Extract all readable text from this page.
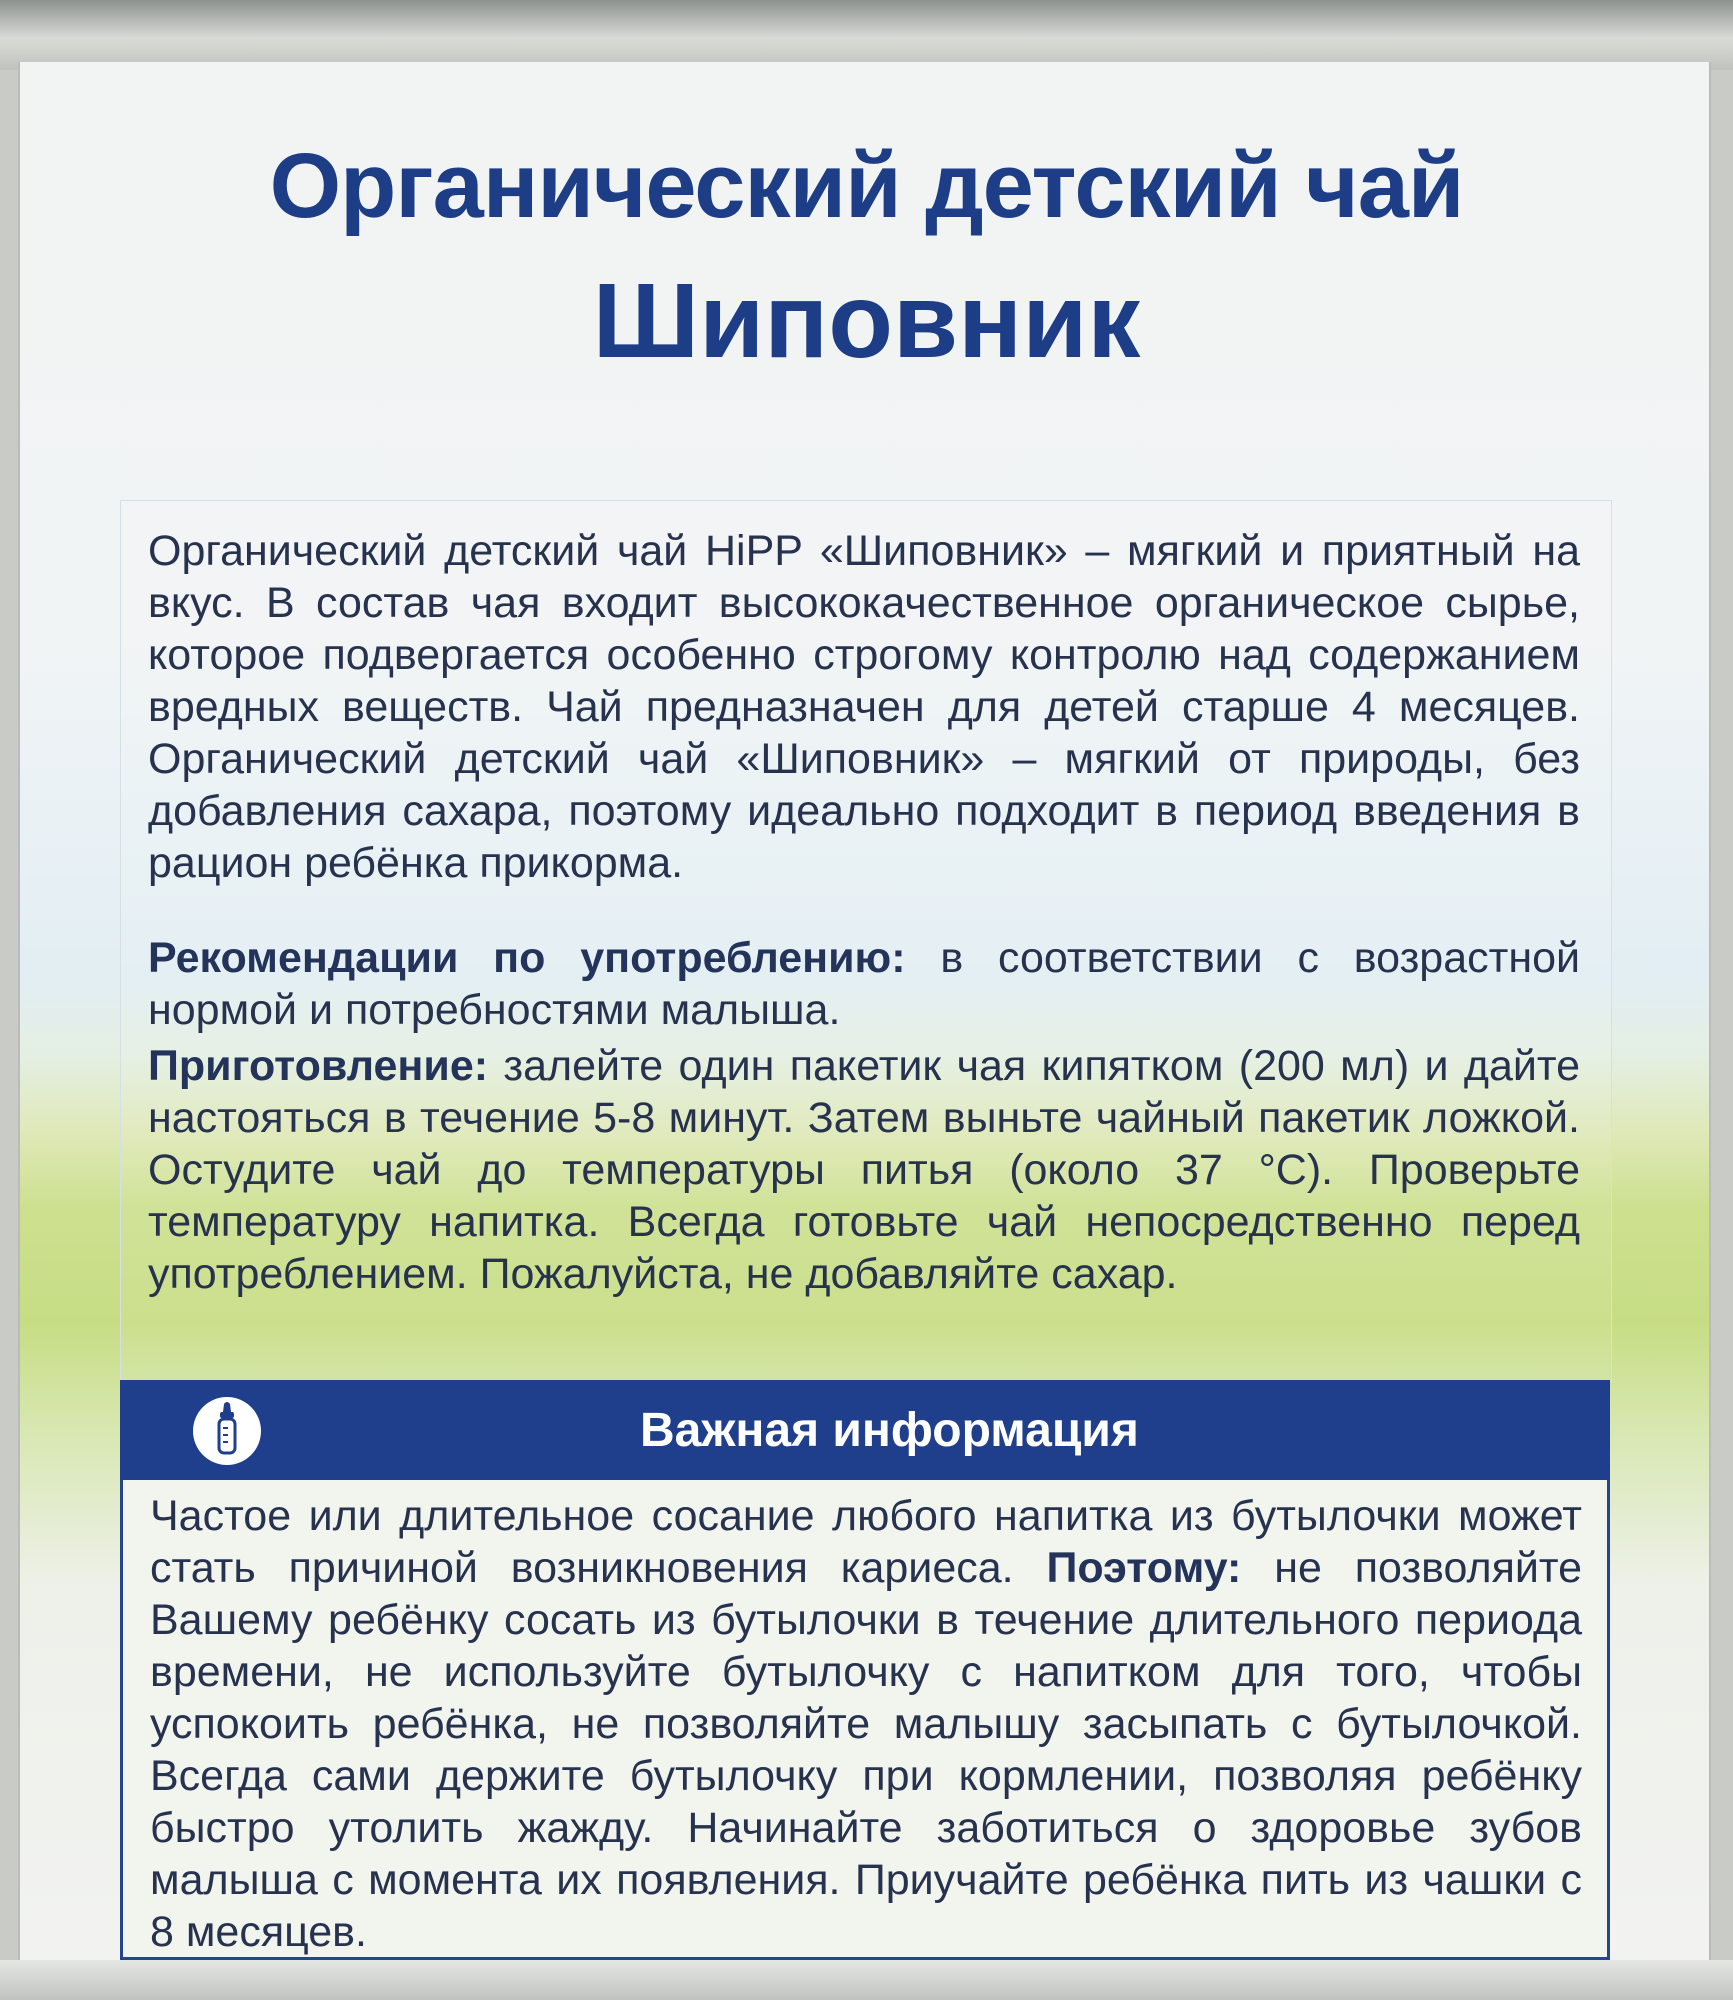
Органический детский чай
Шиповник
Органический детский чай HiPP «Шиповник» – мягкий и приятный на вкус. В состав чая входит высококачественное органическое сырье, которое подвергается особенно строгому контролю над содержанием вредных веществ. Чай предназначен для детей старше 4 месяцев. Органический детский чай «Шиповник» – мягкий от природы, без добавления сахара, поэтому идеально подходит в период введения в рацион ребёнка прикорма.
Рекомендации по употреблению: в соответствии с возрастной нормой и потребностями малыша.
Приготовление: залейте один пакетик чая кипятком (200 мл) и дайте настояться в течение 5-8 минут. Затем выньте чайный пакетик ложкой. Остудите чай до температуры питья (около 37 °С). Проверьте температуру напитка. Всегда готовьте чай непосредственно перед употреблением. Пожалуйста, не добавляйте сахар.
Важная информация
Частое или длительное сосание любого напитка из бутылочки может стать причиной возникновения кариеса. Поэтому: не позволяйте Вашему ребёнку сосать из бутылочки в течение длительного периода времени, не используйте бутылочку с напитком для того, чтобы успокоить ребёнка, не позволяйте малышу засыпать с бутылочкой. Всегда сами держите бутылочку при кормлении, позволяя ребёнку быстро утолить жажду. Начинайте заботиться о здоровье зубов малыша с момента их появления. Приучайте ребёнка пить из чашки с 8 месяцев.
